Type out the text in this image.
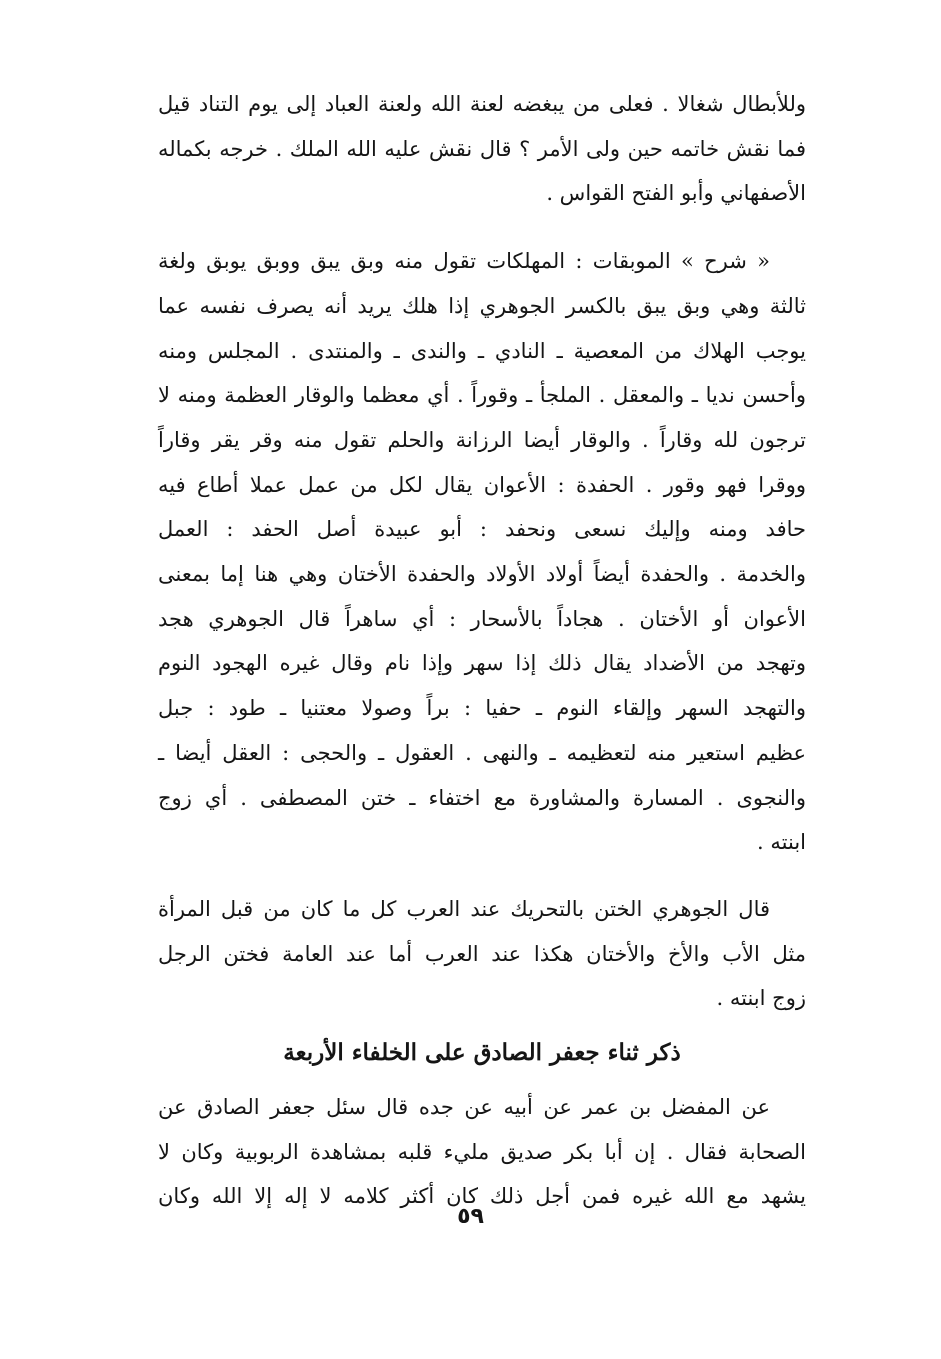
وللأبطال شغالا . فعلى من يبغضه لعنة الله ولعنة العباد إلى يوم التناد قيل
فما نقش خاتمه حين ولى الأمر ؟ قال نقش عليه الله الملك . خرجه بكماله
الأصفهاني وأبو الفتح القواس .

« شرح » الموبقات : المهلكات تقول منه وبق يبق ووبق يوبق ولغة
ثالثة وهي وبق يبق بالكسر الجوهري إذا هلك يريد أنه يصرف نفسه عما
يوجب الهلاك من المعصية ـ النادي ـ والندى ـ والمنتدى . المجلس ومنه
وأحسن نديا ـ والمعقل . الملجأ ـ وقوراً . أي معظما والوقار العظمة ومنه لا
ترجون لله وقاراً . والوقار أيضا الرزانة والحلم تقول منه وقر يقر وقاراً
ووقرا فهو وقور . الحفدة : الأعوان يقال لكل من عمل عملا أطاع فيه
حافد ومنه وإليك نسعى ونحفد : أبو عبيدة أصل الحفد : العمل
والخدمة . والحفدة أيضاً أولاد الأولاد والحفدة الأختان وهي هنا إما بمعنى
الأعوان أو الأختان . هجاداً بالأسحار : أي ساهراً قال الجوهري هجد
وتهجد من الأضداد يقال ذلك إذا سهر وإذا نام وقال غيره الهجود النوم
والتهجد السهر وإلقاء النوم ـ حفيا : براً وصولا معتنيا ـ طود : جبل
عظيم استعير منه لتعظيمه ـ والنهى . العقول ـ والحجى : العقل أيضا ـ
والنجوى . المسارة والمشاورة مع اختفاء ـ ختن المصطفى . أي زوج
ابنته .

قال الجوهري الختن بالتحريك عند العرب كل ما كان من قبل المرأة
مثل الأب والأخ والأختان هكذا عند العرب أما عند العامة فختن الرجل
زوج ابنته .

ذكر ثناء جعفر الصادق على الخلفاء الأربعة

عن المفضل بن عمر عن أبيه عن جده قال سئل جعفر الصادق عن
الصحابة فقال . إن أبا بكر صديق مليء قلبه بمشاهدة الربوبية وكان لا
يشهد مع الله غيره فمن أجل ذلك كان أكثر كلامه لا إله إلا الله وكان

٥٩
